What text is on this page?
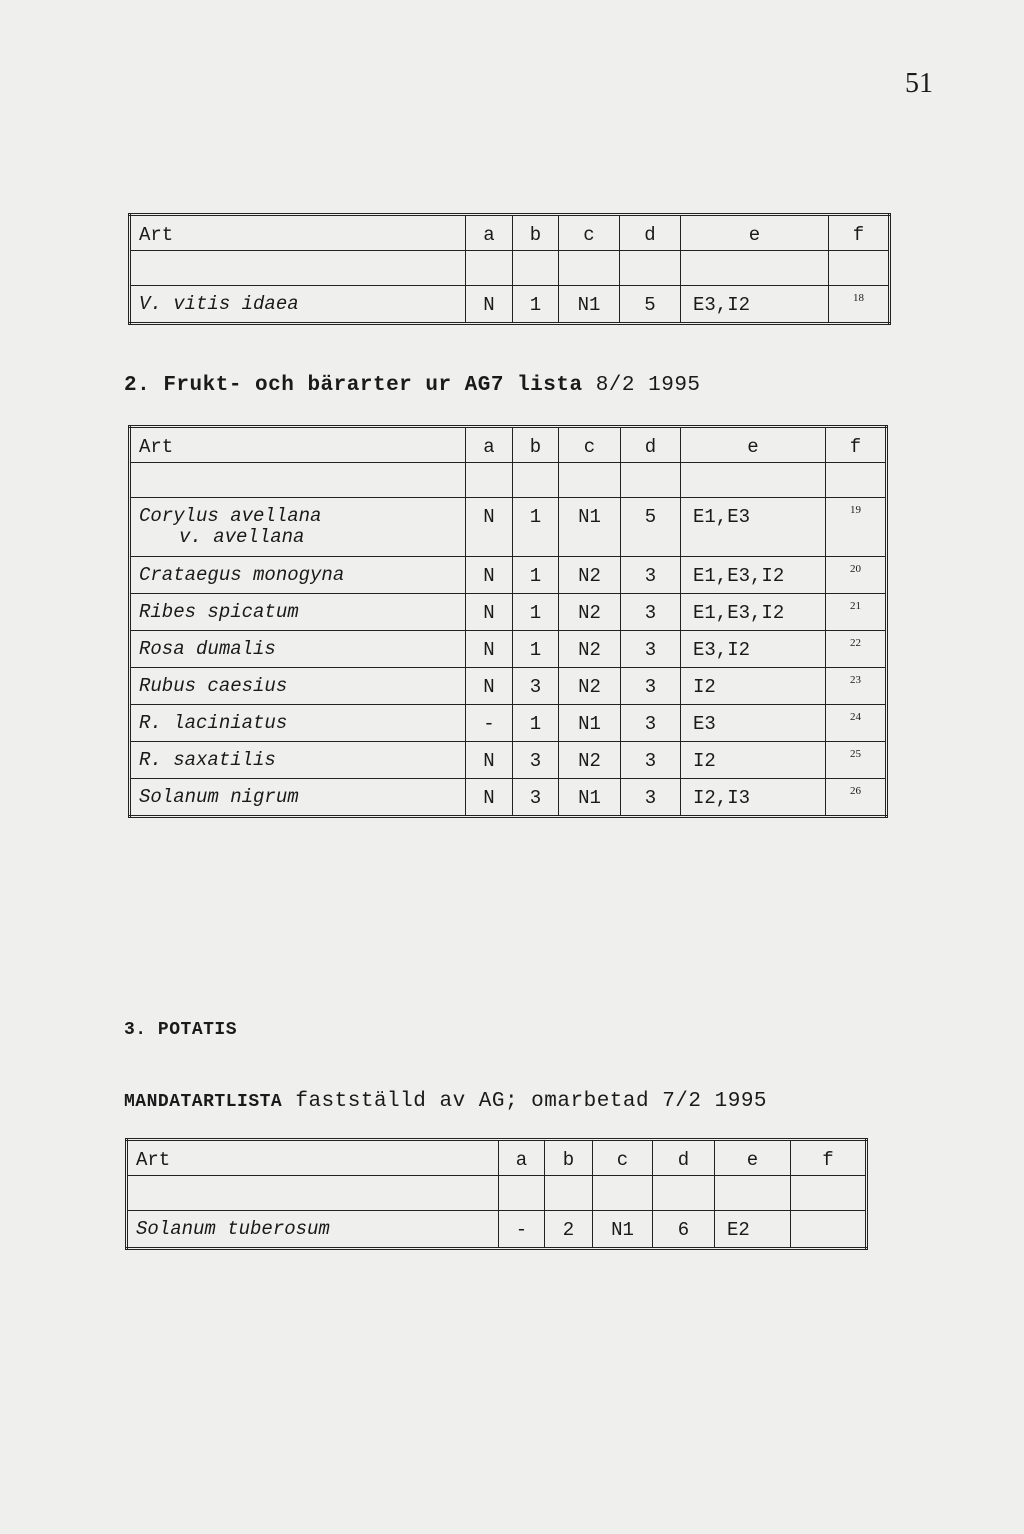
51
Art	a	b	c	d	e	f

V. vitis idaea	N	1	N1	5	E3,I2	18
2. Frukt- och bärarter ur AG7 lista 8/2 1995
Art	a	b	c	d	e	f

Corylus avellana
v. avellana	N	1	N1	5	E1,E3	19

Crataegus monogyna	N	1	N2	3	E1,E3,I2	20

Ribes spicatum	N	1	N2	3	E1,E3,I2	21

Rosa dumalis	N	1	N2	3	E3,I2	22

Rubus caesius	N	3	N2	3	I2	23

R. laciniatus	-	1	N1	3	E3	24

R. saxatilis	N	3	N2	3	I2	25

Solanum nigrum	N	3	N1	3	I2,I3	26
3. POTATIS
MANDATARTLISTA fastställd av AG; omarbetad 7/2 1995
Art	a	b	c	d	e	f

Solanum tuberosum	-	2	N1	6	E2	
